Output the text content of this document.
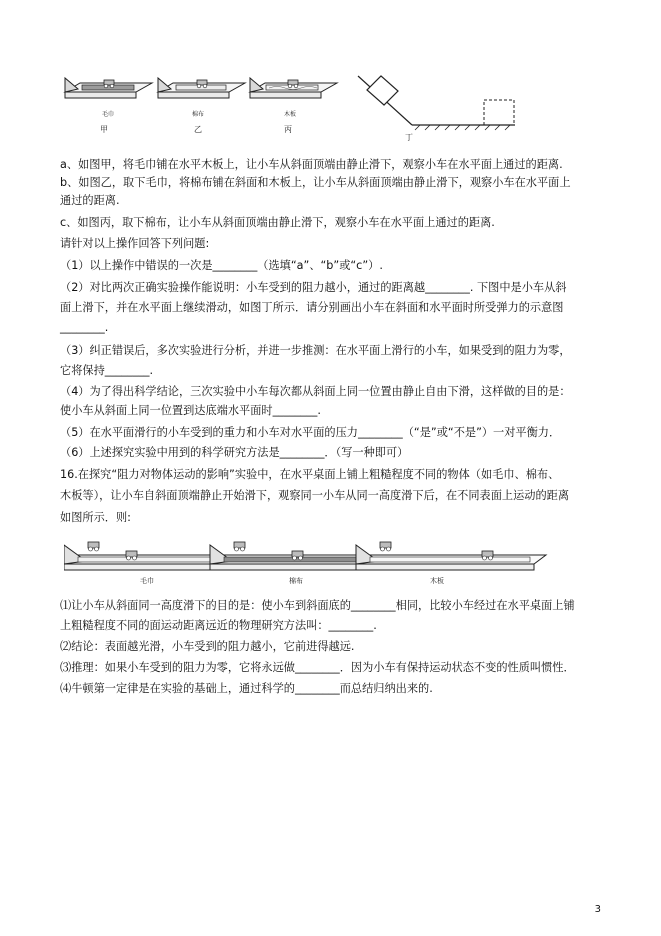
毛巾
甲
棉布
乙
木板
丙
丁
a、如图甲，将毛巾铺在水平木板上，让小车从斜面顶端由静止滑下，观察小车在水平面上通过的距离.
b、如图乙，取下毛巾，将棉布铺在斜面和木板上，让小车从斜面顶端由静止滑下，观察小车在水平面上
通过的距离.
c、如图丙，取下棉布，让小车从斜面顶端由静止滑下，观察小车在水平面上通过的距离.
请针对以上操作回答下列问题:
（1）以上操作中错误的一次是________（选填“a”、“b”或“c”）.
（2）对比两次正确实验操作能说明：小车受到的阻力越小，通过的距离越________. 下图中是小车从斜
面上滑下，并在水平面上继续滑动，如图丁所示．请分别画出小车在斜面和水平面时所受弹力的示意图
________.
（3）纠正错误后，多次实验进行分析，并进一步推测：在水平面上滑行的小车，如果受到的阻力为零，
它将保持________.
（4）为了得出科学结论，三次实验中小车每次都从斜面上同一位置由静止自由下滑，这样做的目的是：
使小车从斜面上同一位置到达底端水平面时________.
（5）在水平面滑行的小车受到的重力和小车对水平面的压力________（“是”或“不是”）一对平衡力．
（6）上述探究实验中用到的科学研究方法是________．（写一种即可）
16.在探究“阻力对物体运动的影响”实验中，在水平桌面上铺上粗糙程度不同的物体（如毛巾、棉布、
木板等），让小车自斜面顶端静止开始滑下，观察同一小车从同一高度滑下后，在不同表面上运动的距离
如图所示．则:
毛巾	棉布	木板
⑴让小车从斜面同一高度滑下的目的是：使小车到斜面底的________相同，比较小车经过在水平桌面上铺
上粗糙程度不同的面运动距离远近的物理研究方法叫：________.
⑵结论：表面越光滑，小车受到的阻力越小，它前进得越远.
⑶推理：如果小车受到的阻力为零，它将永远做________．因为小车有保持运动状态不变的性质叫惯性．
⑷牛顿第一定律是在实验的基础上，通过科学的________而总结归纳出来的.
3
